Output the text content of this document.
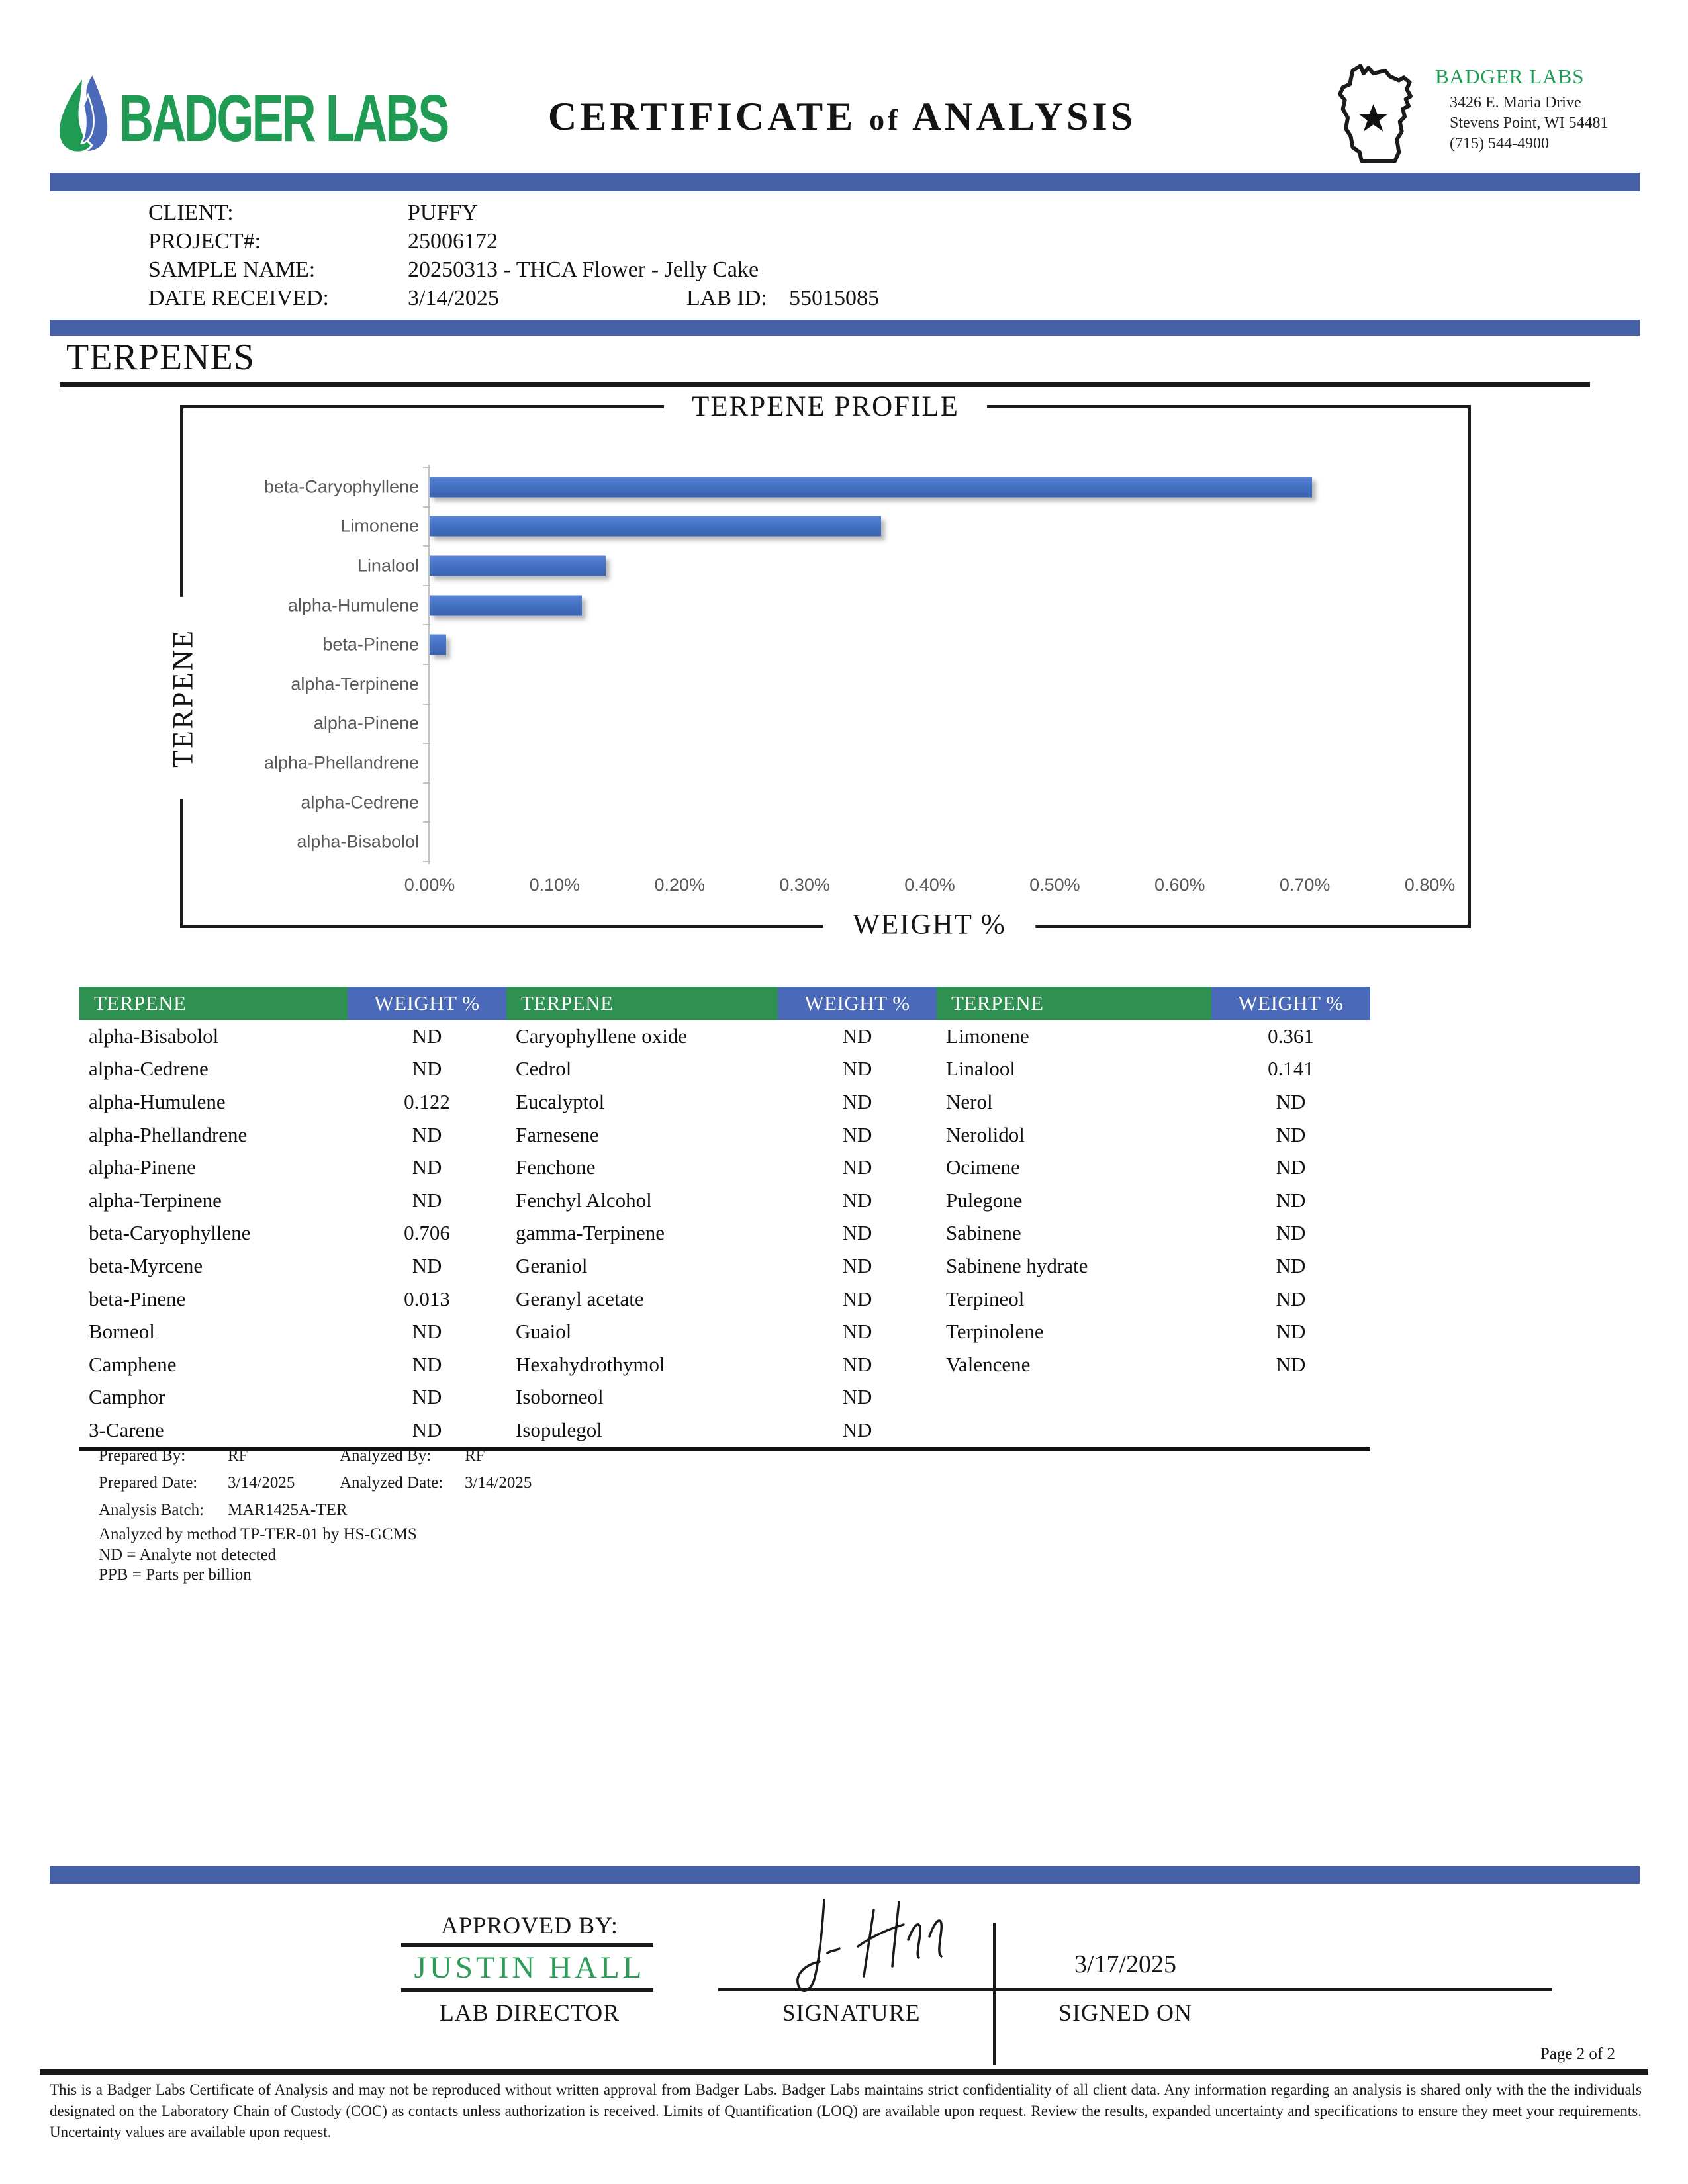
BADGER LABS	CERTIFICATE of ANALYSIS
BADGER LABS
3426 E. Maria Drive
Stevens Point, WI 54481
(715) 544-4900
CLIENT:	PUFFY
PROJECT#:	25006172
SAMPLE NAME:	20250313 - THCA Flower - Jelly Cake
DATE RECEIVED:	3/14/2025	LAB ID: 55015085
TERPENES
TERPENE PROFILE
TERPENE
WEIGHT %
beta-Caryophyllene
Limonene
Linalool
alpha-Humulene
beta-Pinene
alpha-Terpinene
alpha-Pinene
alpha-Phellandrene
alpha-Cedrene
alpha-Bisabolol
0.00%	0.10%	0.20%	0.30%	0.40%	0.50%	0.60%	0.70%	0.80%
TERPENE	WEIGHT %	TERPENE	WEIGHT %	TERPENE	WEIGHT %
alpha-Bisabolol	ND	Caryophyllene oxide	ND	Limonene	0.361
alpha-Cedrene	ND	Cedrol	ND	Linalool	0.141
alpha-Humulene	0.122	Eucalyptol	ND	Nerol	ND
alpha-Phellandrene	ND	Farnesene	ND	Nerolidol	ND
alpha-Pinene	ND	Fenchone	ND	Ocimene	ND
alpha-Terpinene	ND	Fenchyl Alcohol	ND	Pulegone	ND
beta-Caryophyllene	0.706	gamma-Terpinene	ND	Sabinene	ND
beta-Myrcene	ND	Geraniol	ND	Sabinene hydrate	ND
beta-Pinene	0.013	Geranyl acetate	ND	Terpineol	ND
Borneol	ND	Guaiol	ND	Terpinolene	ND
Camphene	ND	Hexahydrothymol	ND	Valencene	ND
Camphor	ND	Isoborneol	ND		
3-Carene	ND	Isopulegol	ND		
Prepared By:	RF	Analyzed By: RF
Prepared Date: 3/14/2025	Analyzed Date: 3/14/2025
Analysis Batch: MAR1425A-TER
Analyzed by method TP-TER-01 by HS-GCMS
ND = Analyte not detected
PPB = Parts per billion
APPROVED BY:
JUSTIN HALL
LAB DIRECTOR
3/17/2025
SIGNATURE	SIGNED ON
Page 2 of 2
This is a Badger Labs Certificate of Analysis and may not be reproduced without written approval from Badger Labs. Badger Labs maintains strict confidentiality of all client data. Any information regarding an analysis is shared only with the the individuals designated on the Laboratory Chain of Custody (COC) as contacts unless authorization is received. Limits of Quantification (LOQ) are available upon request. Review the results, expanded uncertainty and specifications to ensure they meet your requirements. Uncertainty values are available upon request.
